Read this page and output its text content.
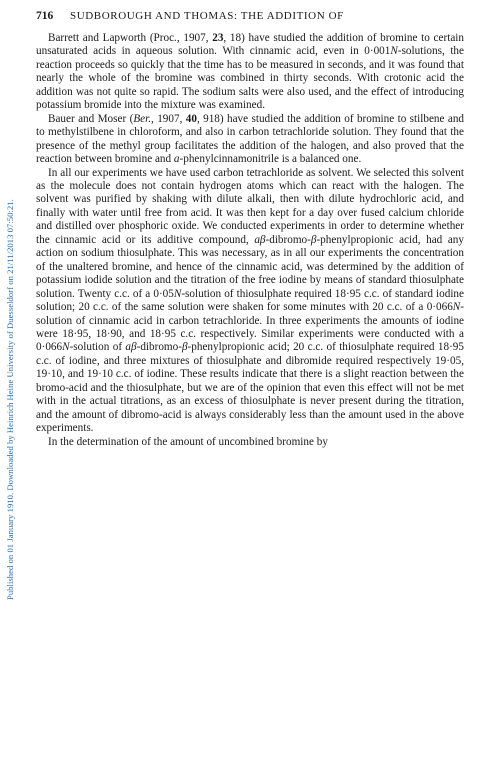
Published on 01 January 1910. Downloaded by Heinrich Heine University of Duesseldorf on 21/11/2013 07:50:21.
716	SUDBOROUGH AND THOMAS: THE ADDITION OF

Barrett and Lapworth (Proc., 1907, 23, 18) have studied the addition of bromine to certain unsaturated acids in aqueous solution. With cinnamic acid, even in 0·001N-solutions, the reaction proceeds so quickly that the time has to be measured in seconds, and it was found that nearly the whole of the bromine was combined in thirty seconds. With crotonic acid the addition was not quite so rapid. The sodium salts were also used, and the effect of introducing potassium bromide into the mixture was examined.

Bauer and Moser (Ber., 1907, 40, 918) have studied the addition of bromine to stilbene and to methylstilbene in chloroform, and also in carbon tetrachloride solution. They found that the presence of the methyl group facilitates the addition of the halogen, and also proved that the reaction between bromine and a-phenylcinnamonitrile is a balanced one.

In all our experiments we have used carbon tetrachloride as solvent. We selected this solvent as the molecule does not contain hydrogen atoms which can react with the halogen. The solvent was purified by shaking with dilute alkali, then with dilute hydrochloric acid, and finally with water until free from acid. It was then kept for a day over fused calcium chloride and distilled over phosphoric oxide. We conducted experiments in order to determine whether the cinnamic acid or its additive compound, aβ-dibromo-β-phenylpropionic acid, had any action on sodium thiosulphate. This was necessary, as in all our experiments the concentration of the unaltered bromine, and hence of the cinnamic acid, was determined by the addition of potassium iodide solution and the titration of the free iodine by means of standard thiosulphate solution. Twenty c.c. of a 0·05N-solution of thiosulphate required 18·95 c.c. of standard iodine solution; 20 c.c. of the same solution were shaken for some minutes with 20 c.c. of a 0·066N-solution of cinnamic acid in carbon tetrachloride. In three experiments the amounts of iodine were 18·95, 18·90, and 18·95 c.c. respectively. Similar experiments were conducted with a 0·066N-solution of aβ-dibromo-β-phenylpropionic acid; 20 c.c. of thiosulphate required 18·95 c.c. of iodine, and three mixtures of thiosulphate and dibromide required respectively 19·05, 19·10, and 19·10 c.c. of iodine. These results indicate that there is a slight reaction between the bromo-acid and the thiosulphate, but we are of the opinion that even this effect will not be met with in the actual titrations, as an excess of thiosulphate is never present during the titration, and the amount of dibromo-acid is always considerably less than the amount used in the above experiments.

In the determination of the amount of uncombined bromine by
